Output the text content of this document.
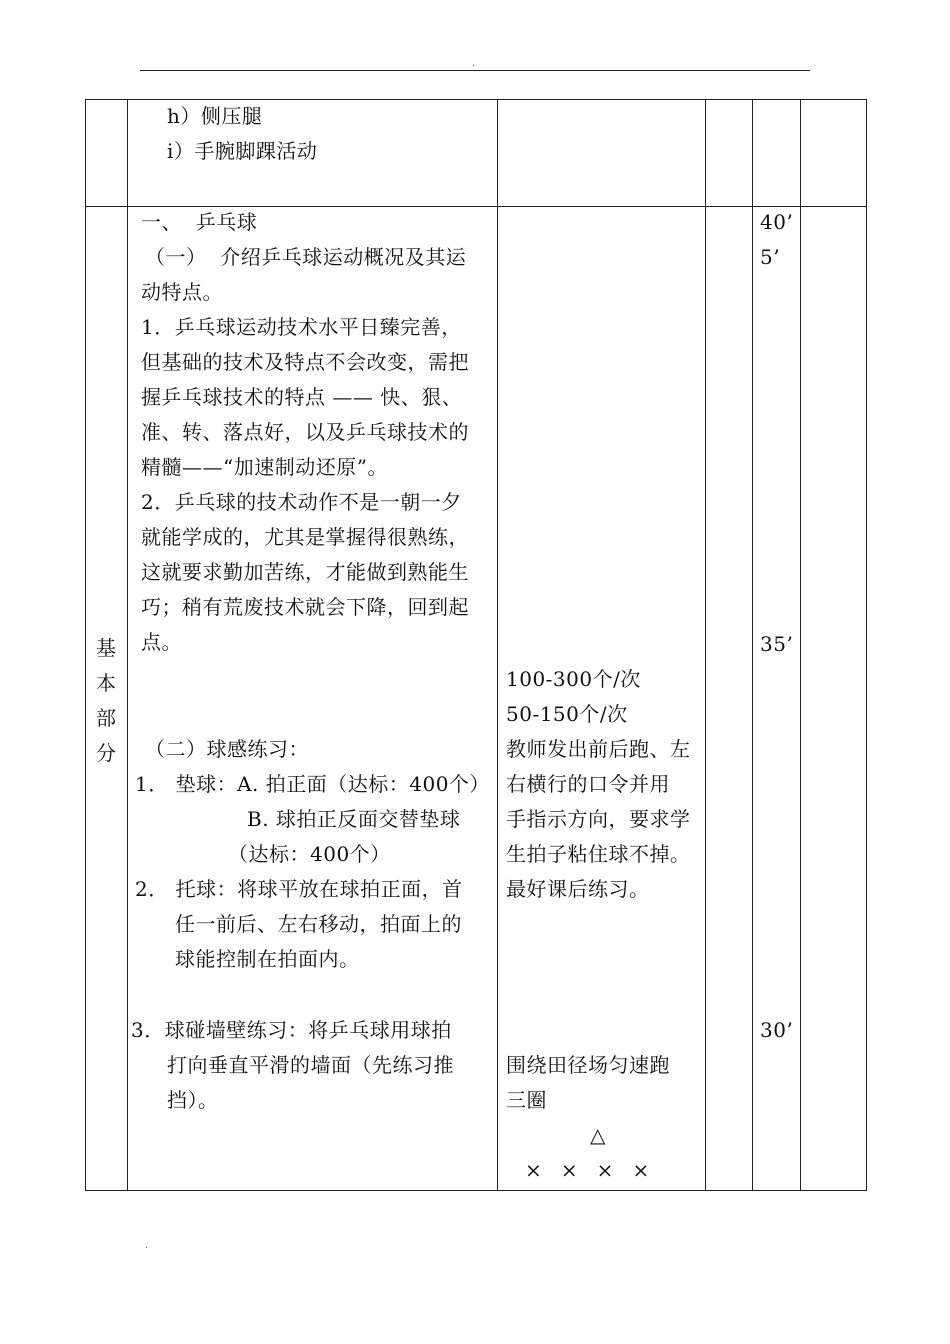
.
h）侧压腿
i）手腕脚踝活动
基
本
部
分
一、  乒乓球
（一）  介绍乒乓球运动概况及其运
动特点。
1．乒乓球运动技术水平日臻完善，
但基础的技术及特点不会改变，需把
握乒乓球技术的特点 —— 快、狠、
准、转、落点好，以及乒乓球技术的
精髓——“加速制动还原”。
2．乒乓球的技术动作不是一朝一夕
就能学成的，尤其是掌握得很熟练，
这就要求勤加苦练，才能做到熟能生
巧；稍有荒废技术就会下降，回到起
点。
（二）球感练习：
1． 垫球：A. 拍正面（达标：400个）
B. 球拍正反面交替垫球
（达标：400个）
2． 托球：将球平放在球拍正面，首
任一前后、左右移动，拍面上的
球能控制在拍面内。
3．球碰墙壁练习：将乒乓球用球拍
打向垂直平滑的墙面（先练习推
挡）。
100-300个/次
50-150个/次
教师发出前后跑、左
右横行的口令并用
手指示方向，要求学
生拍子粘住球不掉。
最好课后练习。
围绕田径场匀速跑
三圈
△
×   ×   ×   ×
40’
5’
35’
30’
.
